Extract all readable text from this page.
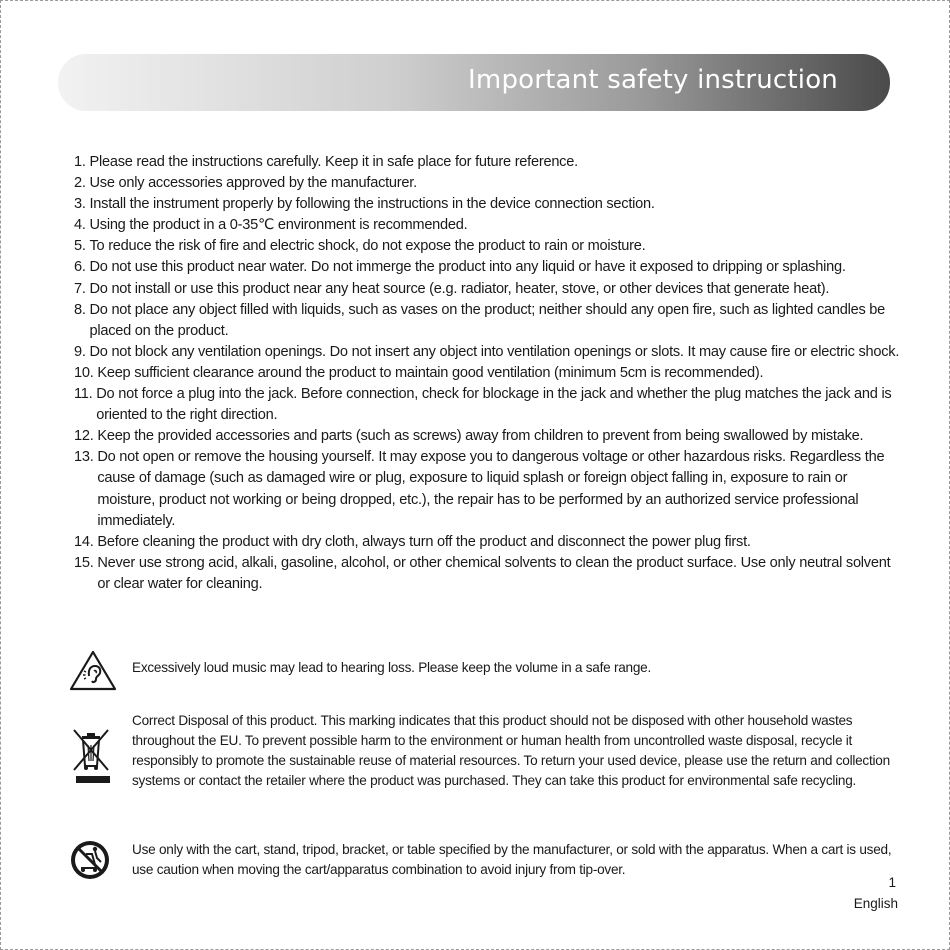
Important safety instruction
1. Please read the instructions carefully. Keep it in safe place for future reference.
2. Use only accessories approved by the manufacturer.
3. Install the instrument properly by following the instructions in the device connection section.
4. Using the product in a 0-35℃ environment is recommended.
5. To reduce the risk of fire and electric shock, do not expose the product to rain or moisture.
6. Do not use this product near water. Do not immerge the product into any liquid or have it exposed to dripping or splashing.
7. Do not install or use this product near any heat source (e.g. radiator, heater, stove, or other devices that generate heat).
8. Do not place any object filled with liquids, such as vases on the product; neither should any open fire, such as lighted candles be placed on the product.
9. Do not block any ventilation openings. Do not insert any object into ventilation openings or slots. It may cause fire or electric shock.
10. Keep sufficient clearance around the product to maintain good ventilation (minimum 5cm is recommended).
11. Do not force a plug into the jack. Before connection, check for blockage in the jack and whether the plug matches the jack and is oriented to the right direction.
12. Keep the provided accessories and parts (such as screws) away from children to prevent from being swallowed by mistake.
13. Do not open or remove the housing yourself. It may expose you to dangerous voltage or other hazardous risks. Regardless the cause of damage (such as damaged wire or plug, exposure to liquid splash or foreign object falling in, exposure to rain or moisture, product not working or being dropped, etc.), the repair has to be performed by an authorized service professional immediately.
14. Before cleaning the product with dry cloth, always turn off the product and disconnect the power plug first.
15. Never use strong acid, alkali, gasoline, alcohol, or other chemical solvents to clean the product surface. Use only neutral solvent or clear water for cleaning.
Excessively loud music may lead to hearing loss. Please keep the volume in a safe range.
Correct Disposal of this product. This marking indicates that this product should not be disposed with other household wastes throughout the EU. To prevent possible harm to the environment or human health from uncontrolled waste disposal, recycle it responsibly to promote the sustainable reuse of material resources. To return your used device, please use the return and collection systems or contact the retailer where the product was purchased. They can take this product for environmental safe recycling.
Use only with the cart, stand, tripod, bracket, or table specified by the manufacturer, or sold with the apparatus. When a cart is used, use caution when moving the cart/apparatus combination to avoid injury from tip-over.
1
English
